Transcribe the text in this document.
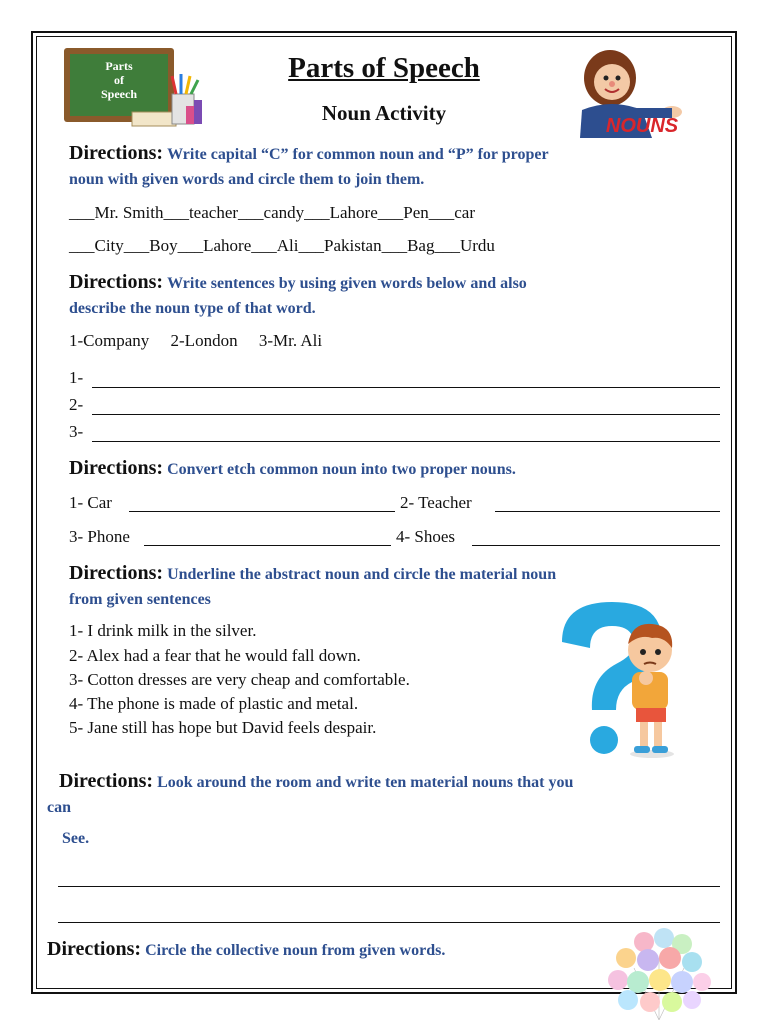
Parts
of
Speech
NOUNS
Parts of Speech
Noun Activity
Directions: Write capital “C” for common noun and “P” for proper
noun with given words and circle them to join them.
___Mr. Smith___teacher___candy___Lahore___Pen___car
___City___Boy___Lahore___Ali___Pakistan___Bag___Urdu
Directions: Write sentences by using given words below and also
describe the noun type of that word.
1-Company     2-London     3-Mr. Ali
1-
2-
3-
Directions: Convert etch common noun into two proper nouns.
1- Car	2- Teacher
3- Phone	4- Shoes
Directions: Underline the abstract noun and circle the material noun
from given sentences
1- I drink milk in the silver.
2- Alex had a fear that he would fall down.
3- Cotton dresses are very cheap and comfortable.
4- The phone is made of plastic and metal.
5- Jane still has hope but David feels despair.
Directions: Look around the room and write ten material nouns that you
can
See.
Directions: Circle the collective noun from given words.
